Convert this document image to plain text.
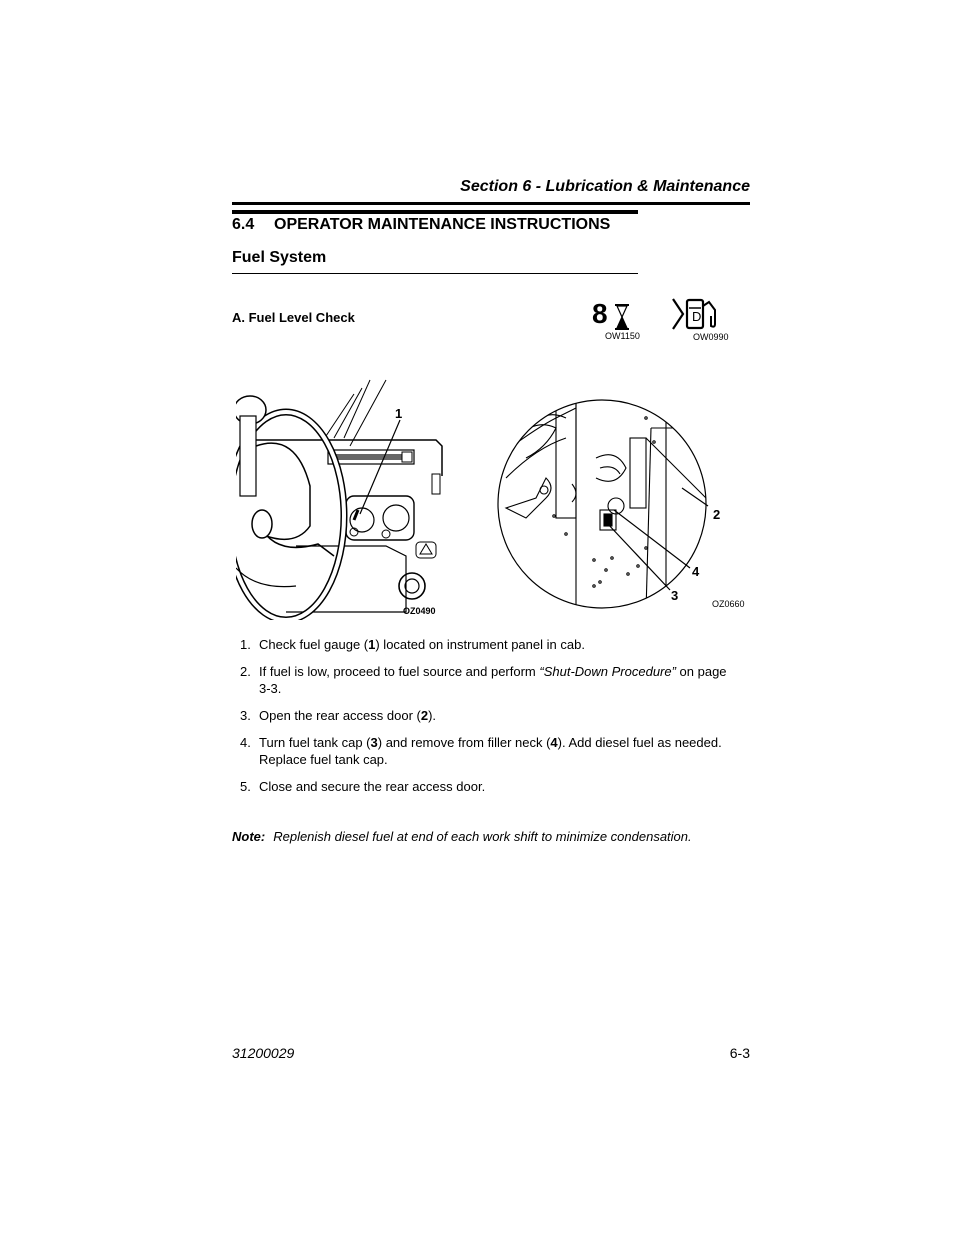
Section 6 - Lubrication & Maintenance
6.4 OPERATOR MAINTENANCE INSTRUCTIONS
Fuel System
A. Fuel Level Check	8
OW1150
D
OW0990
1
OZ0490
2
4
3
OZ0660
1. Check fuel gauge (1) located on instrument panel in cab.
2. If fuel is low, proceed to fuel source and perform “Shut-Down Procedure” on page 3-3.
3. Open the rear access door (2).
4. Turn fuel tank cap (3) and remove from filler neck (4). Add diesel fuel as needed. Replace fuel tank cap.
5. Close and secure the rear access door.
Note: Replenish diesel fuel at end of each work shift to minimize condensation.
31200029	6-3
